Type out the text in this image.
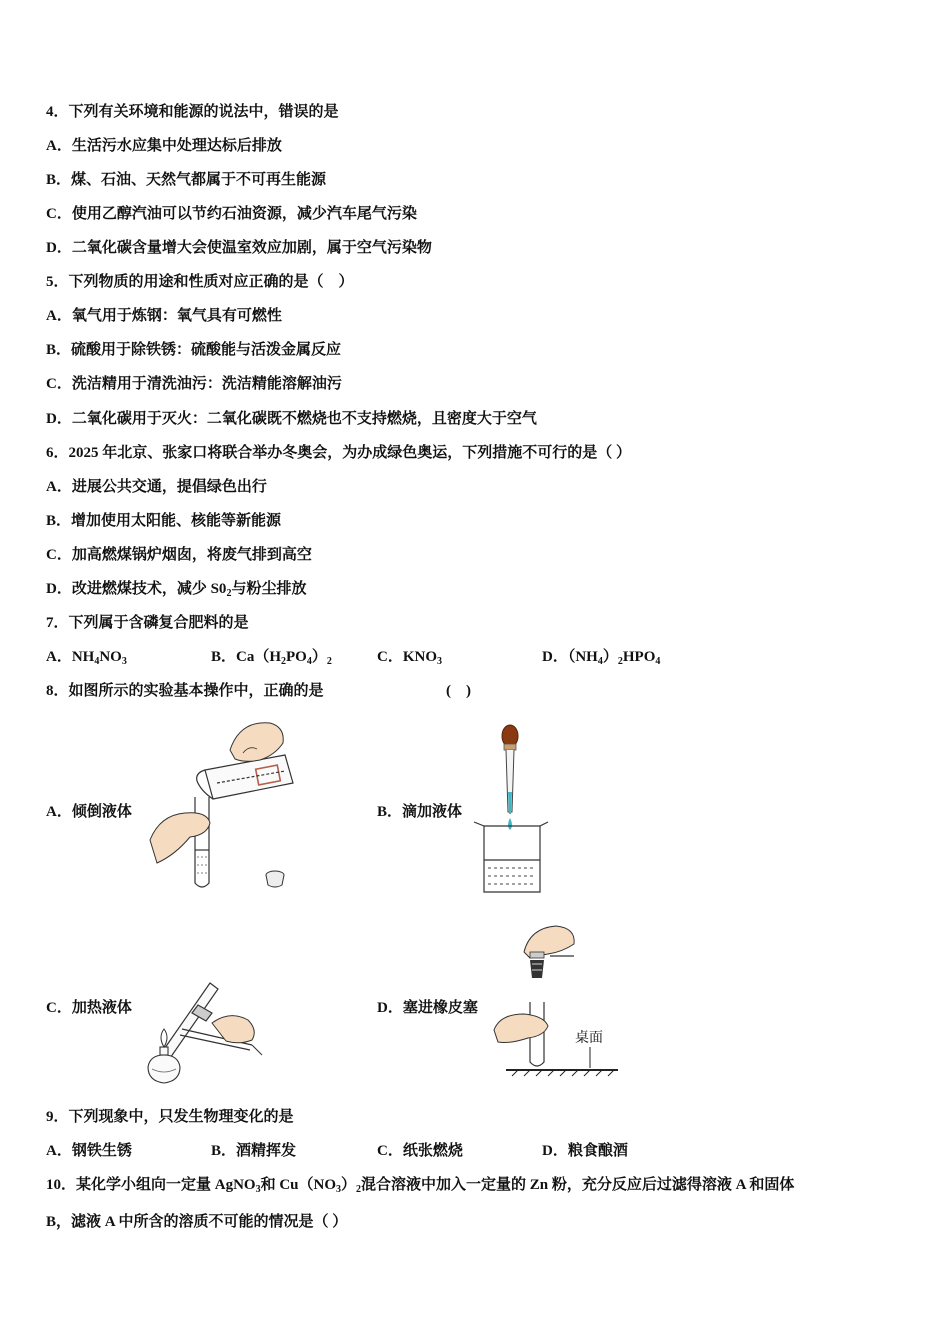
4．下列有关环境和能源的说法中，错误的是
A．生活污水应集中处理达标后排放
B．煤、石油、天然气都属于不可再生能源
C．使用乙醇汽油可以节约石油资源，减少汽车尾气污染
D．二氧化碳含量增大会使温室效应加剧，属于空气污染物
5．下列物质的用途和性质对应正确的是（　）
A．氧气用于炼钢：氧气具有可燃性
B．硫酸用于除铁锈：硫酸能与活泼金属反应
C．洗洁精用于清洗油污：洗洁精能溶解油污
D．二氧化碳用于灭火：二氧化碳既不燃烧也不支持燃烧，且密度大于空气
6．2025 年北京、张家口将联合举办冬奥会，为办成绿色奥运，下列措施不可行的是（ ）
A．进展公共交通，提倡绿色出行
B．增加使用太阳能、核能等新能源
C．加高燃煤锅炉烟囱，将废气排到高空
D．改进燃煤技术，减少 $S0_2$与粉尘排放
7．下列属于含磷复合肥料的是
A．$NH_4NO_3$	B．$Ca(H_2PO_4)_2$	C．$KNO_3$	D．$(NH_4)_2HPO_4$
8．如图所示的实验基本操作中，正确的是	(　)
A．倾倒液体	B．滴加液体
C．加热液体	D．塞进橡皮塞
桌面
9．下列现象中，只发生物理变化的是
A．钢铁生锈	B．酒精挥发	C．纸张燃烧	D．粮食酿酒
10．某化学小组向一定量 AgNO$_3$和 $Cu(NO_3)_2$混合溶液中加入一定量的 Zn 粉，充分反应后过滤得溶液 A 和固体
B，滤液 A 中所含的溶质不可能的情况是（ ）
